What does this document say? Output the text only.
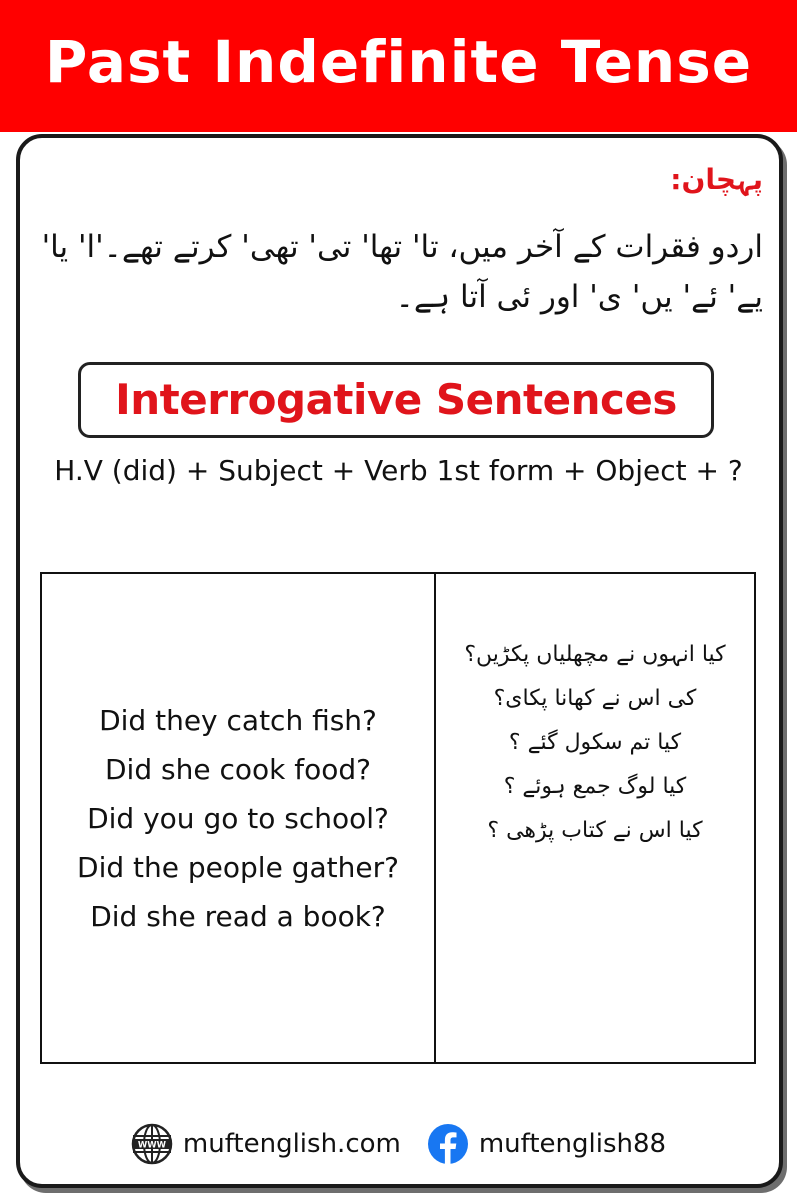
Past Indefinite Tense
پہچان:
اردو فقرات کے آخر میں، تا' تھا' تی' تھی' کرتے تھے۔'ا' یا' یے' ئے' یں' ی' اور ئی آتا ہے۔
Interrogative Sentences
H.V (did) + Subject + Verb 1st form + Object + ?
Did they catch fish?
Did she cook food?
Did you go to school?
Did the people gather?
Did she read a book?
کیا انہوں نے مچھلیاں پکڑیں؟
کی اس نے کھانا پکای؟
کیا تم سکول گئے ؟
کیا لوگ جمع ہوئے ؟
کیا اس نے کتاب پڑھی ؟
WWW muftenglish.com	muftenglish88
